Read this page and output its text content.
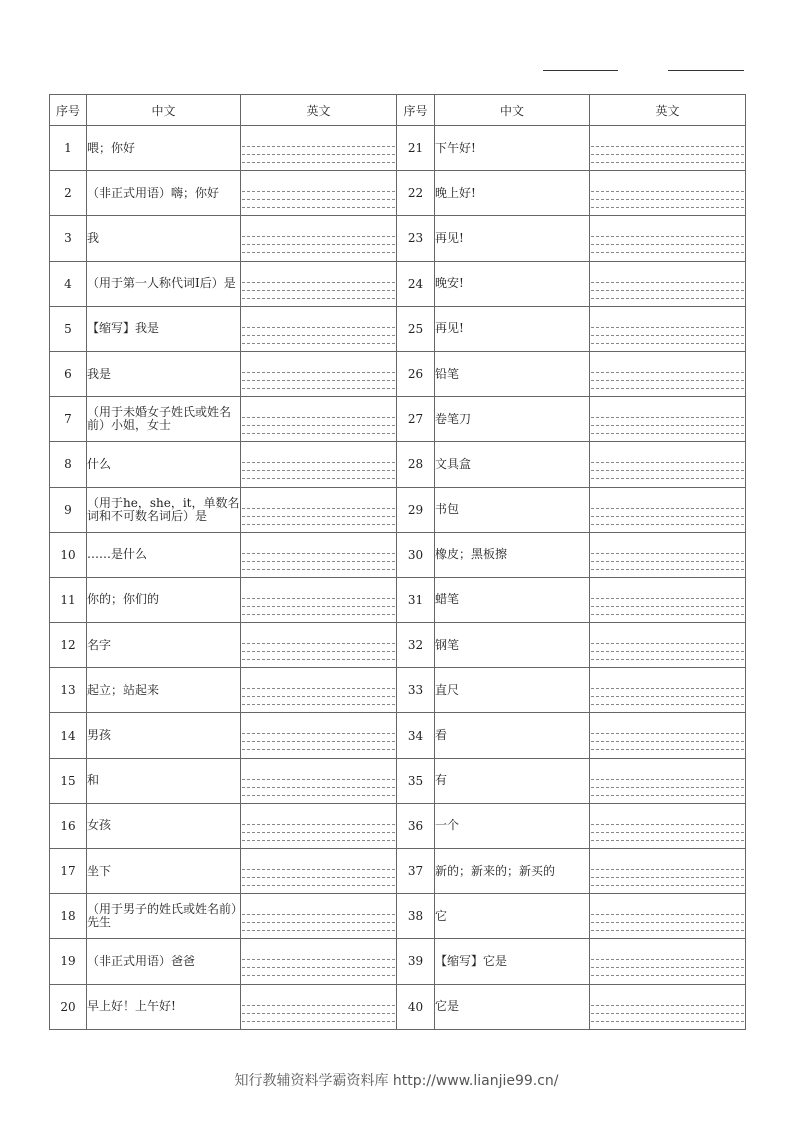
序号	中文	英文	序号	中文	英文
1	喂；你好		21	下午好!	

2	（非正式用语）嗨；你好		22	晚上好!	

3	我		23	再见!	

4	（用于第一人称代词I后）是		24	晚安!	

5	【缩写】我是		25	再见!	

6	我是		26	铅笔	

7	（用于未婚女子姓氏或姓名前）小姐，女士		27	卷笔刀	

8	什么		28	文具盒	

9	（用于he，she，it，单数名词和不可数名词后）是		29	书包	

10	……是什么		30	橡皮；黑板擦	

11	你的；你们的		31	蜡笔	

12	名字		32	钢笔	

13	起立；站起来		33	直尺	

14	男孩		34	看	

15	和		35	有	

16	女孩		36	一个	

17	坐下		37	新的；新来的；新买的	

18	（用于男子的姓氏或姓名前）先生		38	它	

19	（非正式用语）爸爸		39	【缩写】它是	

20	早上好！上午好!		40	它是	
知行教辅资料学霸资料库 http://www.lianjie99.cn/
